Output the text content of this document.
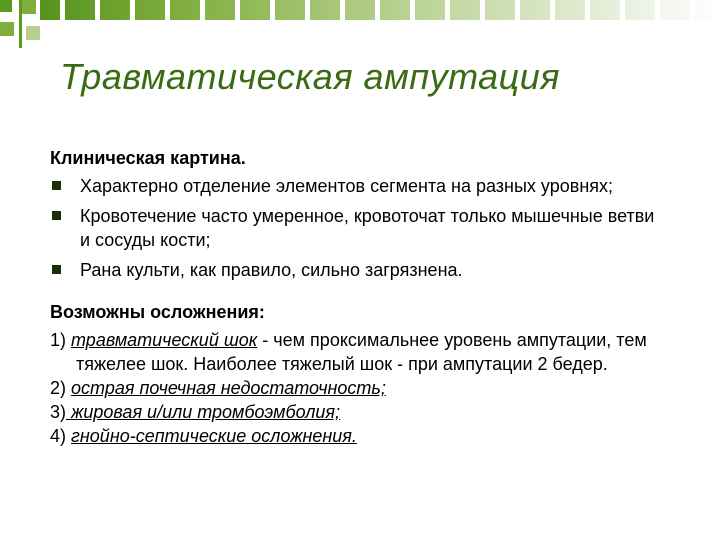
Травматическая ампутация
Клиническая картина.
Характерно отделение элементов сегмента на разных уровнях;
Кровотечение часто умеренное, кровоточат только мышечные ветви и сосуды кости;
Рана культи, как правило, сильно загрязнена.
Возможны осложнения:
1) травматический шок - чем проксимальнее уровень ампутации, тем тяжелее шок. Наиболее тяжелый шок - при ампутации 2 бедер.
2) острая почечная недостаточность;
3) жировая и/или тромбоэмболия;
4) гнойно-септические осложнения.
